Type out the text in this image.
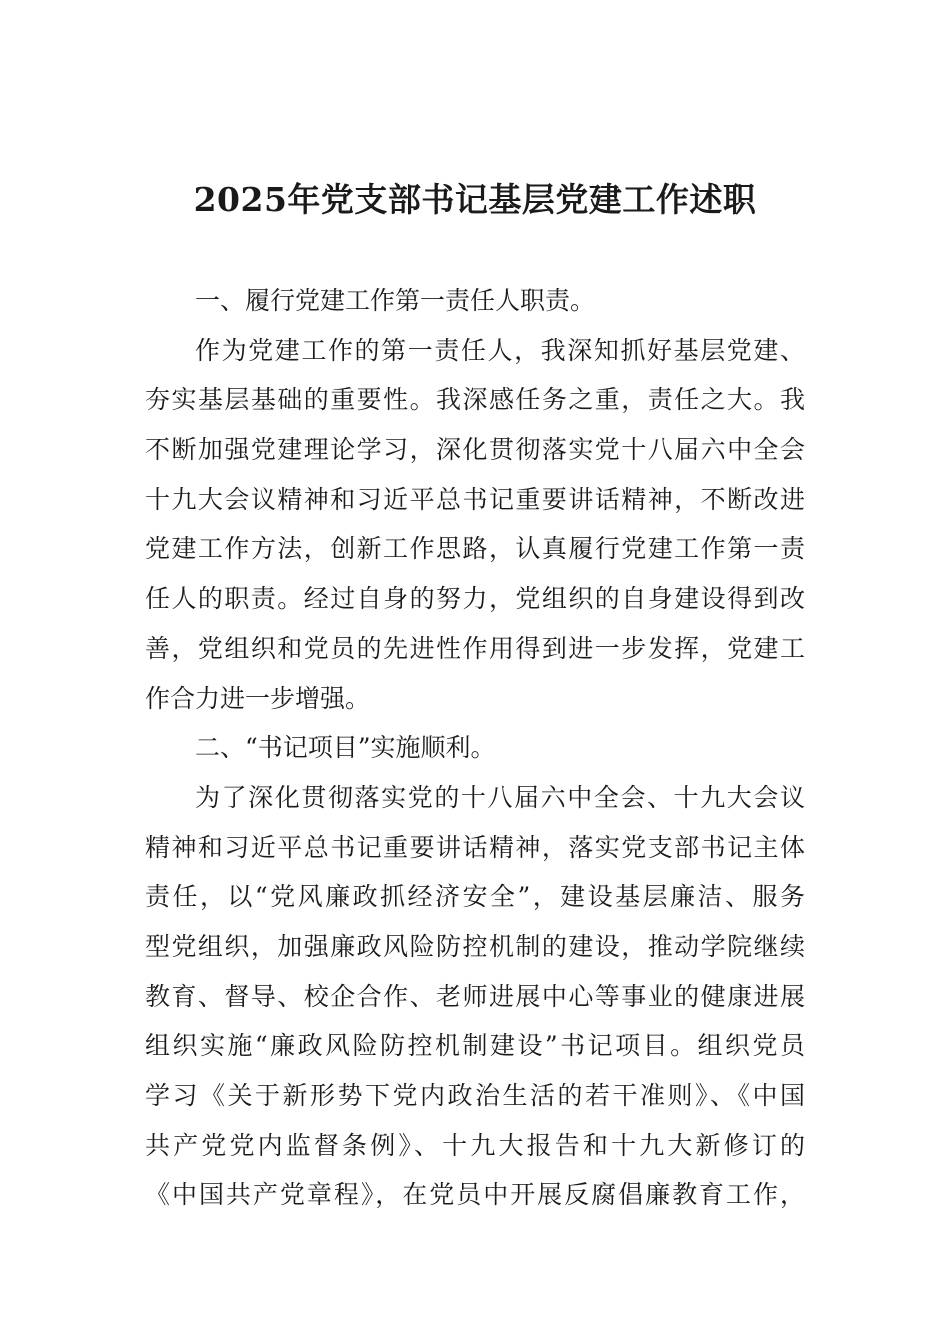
2025年党支部书记基层党建工作述职
一、履行党建工作第一责任人职责。
作为党建工作的第一责任人，我深知抓好基层党建、
夯实基层基础的重要性。我深感任务之重，责任之大。我
不断加强党建理论学习，深化贯彻落实党十八届六中全会
十九大会议精神和习近平总书记重要讲话精神，不断改进
党建工作方法，创新工作思路，认真履行党建工作第一责
任人的职责。经过自身的努力，党组织的自身建设得到改
善，党组织和党员的先进性作用得到进一步发挥，党建工
作合力进一步增强。
二、“书记项目”实施顺利。
为了深化贯彻落实党的十八届六中全会、十九大会议
精神和习近平总书记重要讲话精神，落实党支部书记主体
责任，以“党风廉政抓经济安全”，建设基层廉洁、服务
型党组织，加强廉政风险防控机制的建设，推动学院继续
教育、督导、校企合作、老师进展中心等事业的健康进展
组织实施“廉政风险防控机制建设”书记项目。组织党员
学习《关于新形势下党内政治生活的若干准则》、《中国
共产党党内监督条例》、十九大报告和十九大新修订的
《中国共产党章程》，在党员中开展反腐倡廉教育工作，
